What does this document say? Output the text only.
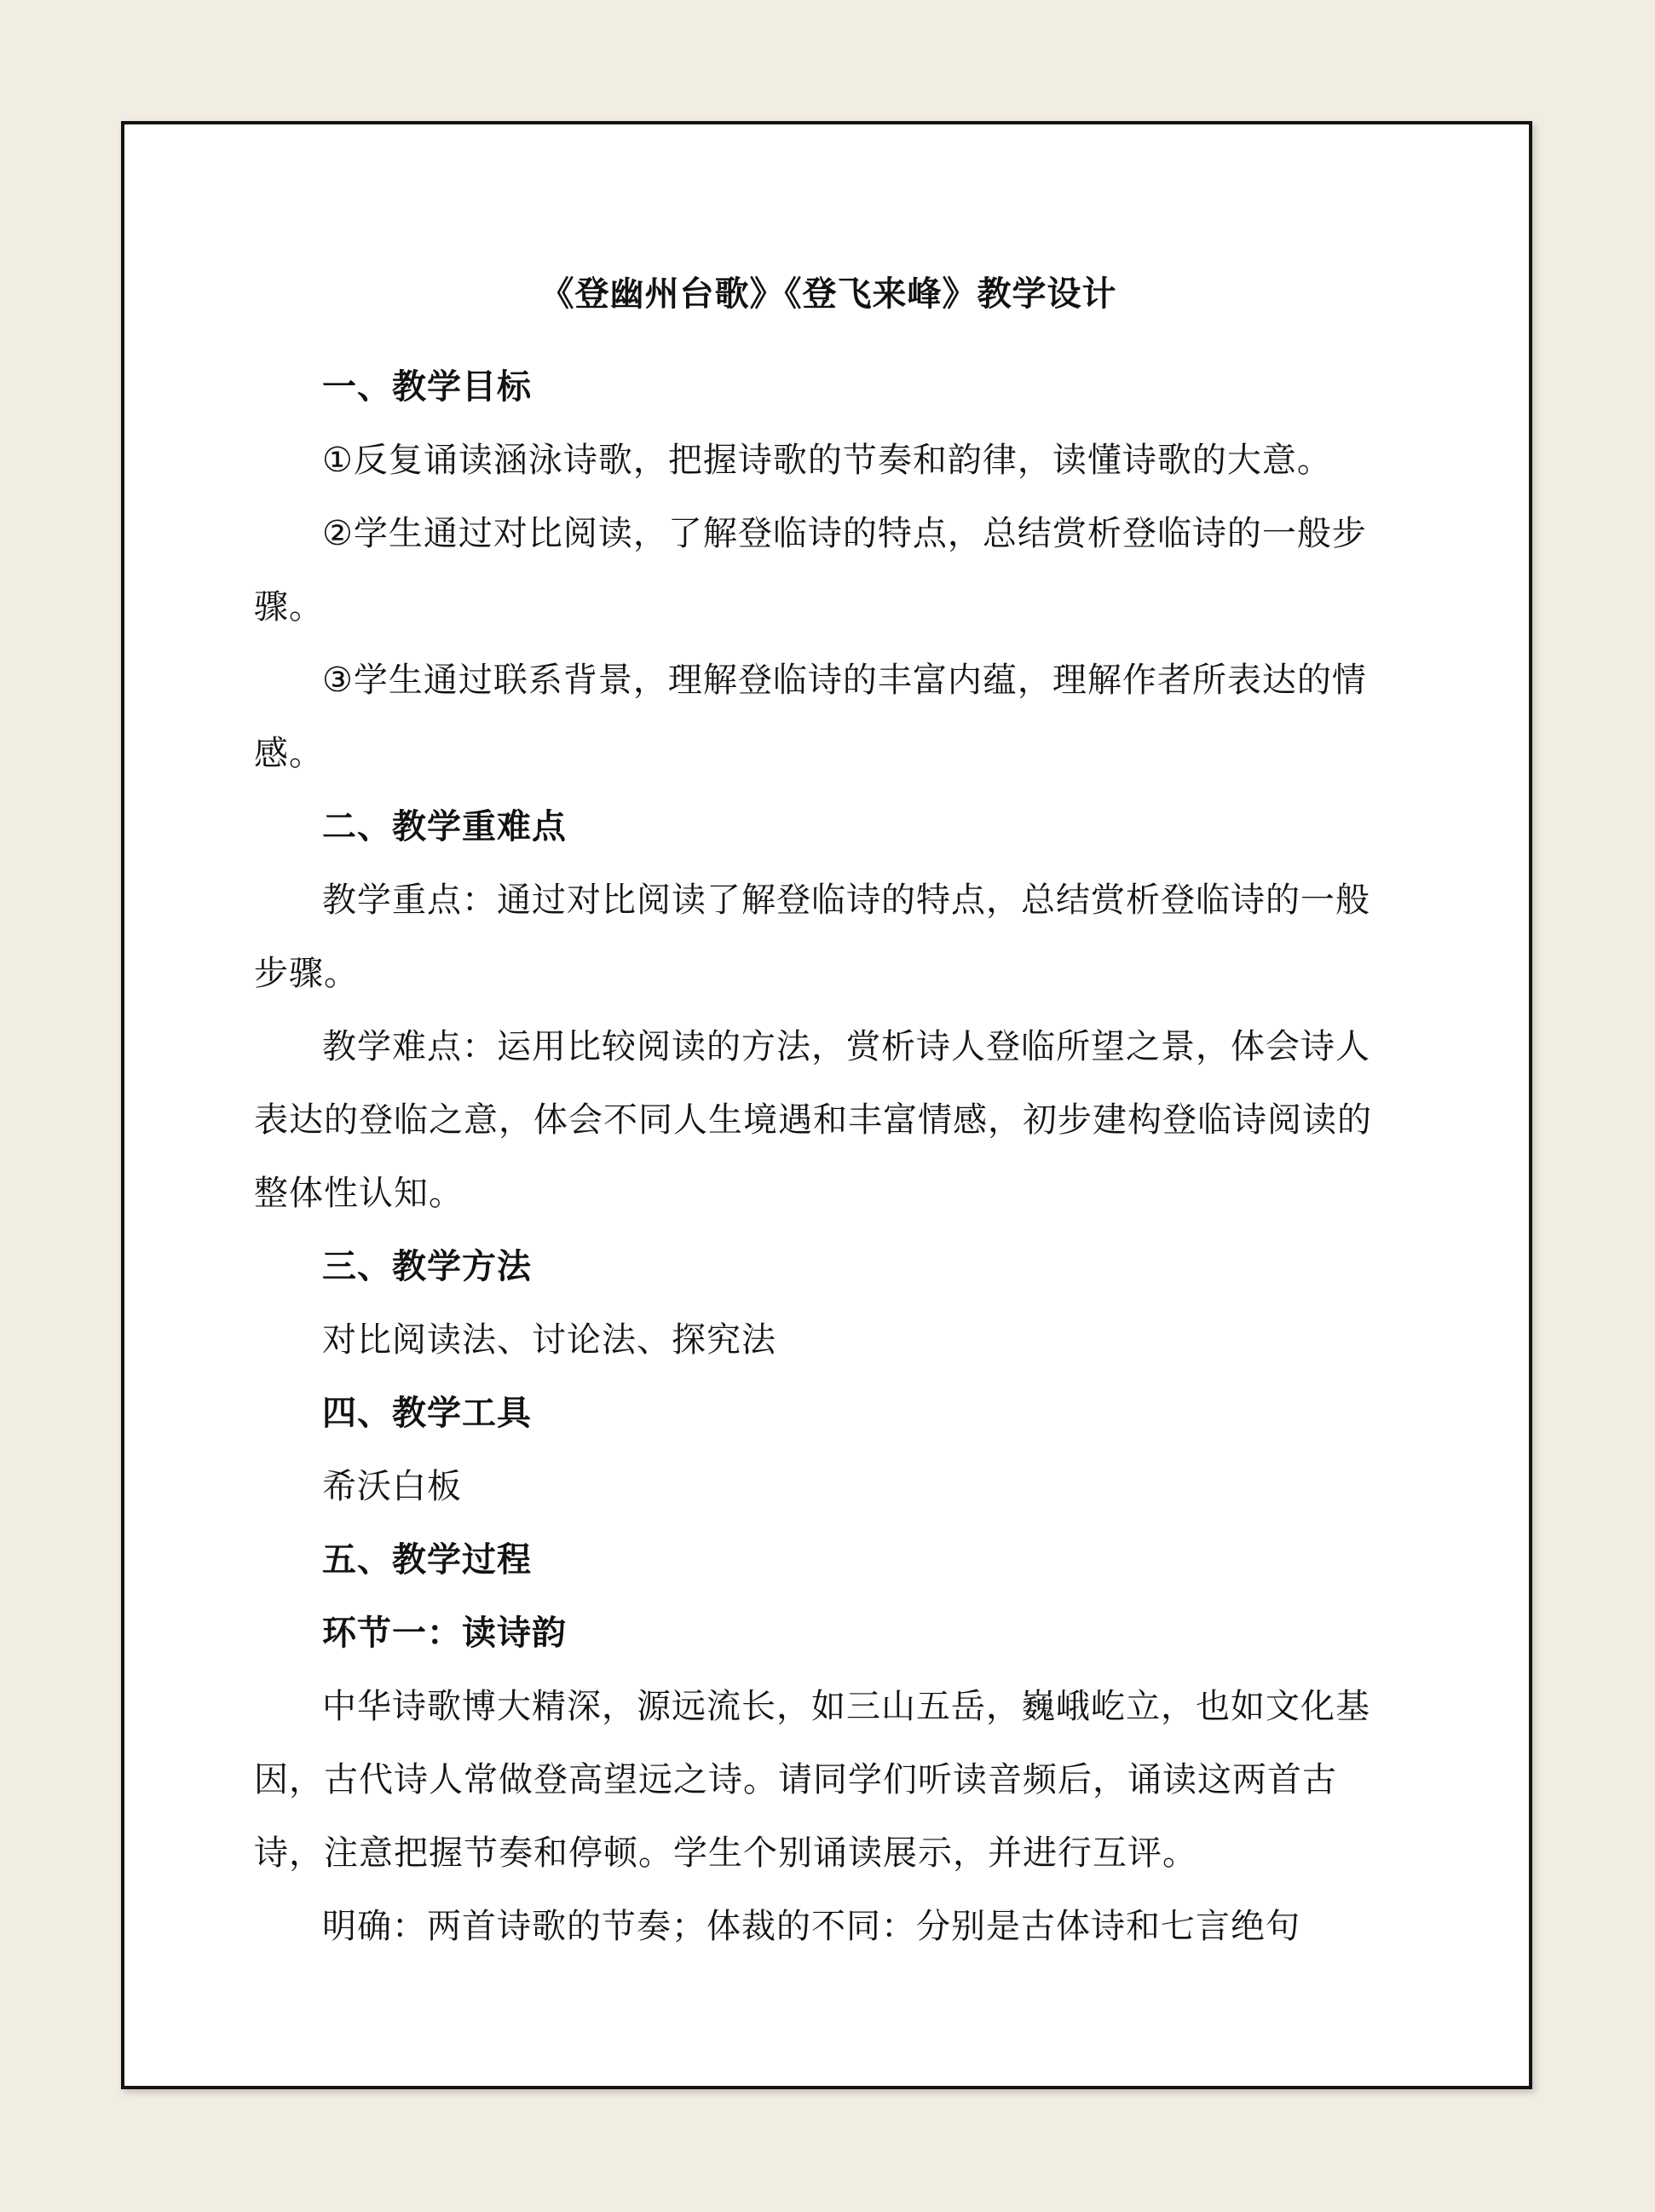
《登幽州台歌》《登飞来峰》教学设计

一、教学目标

①反复诵读涵泳诗歌，把握诗歌的节奏和韵律，读懂诗歌的大意。

②学生通过对比阅读，了解登临诗的特点，总结赏析登临诗的一般步骤。

③学生通过联系背景，理解登临诗的丰富内蕴，理解作者所表达的情感。

二、教学重难点

教学重点：通过对比阅读了解登临诗的特点，总结赏析登临诗的一般步骤。

教学难点：运用比较阅读的方法，赏析诗人登临所望之景，体会诗人表达的登临之意，体会不同人生境遇和丰富情感，初步建构登临诗阅读的整体性认知。

三、教学方法

对比阅读法、讨论法、探究法

四、教学工具

希沃白板

五、教学过程

环节一：读诗韵

中华诗歌博大精深，源远流长，如三山五岳，巍峨屹立，也如文化基因，古代诗人常做登高望远之诗。请同学们听读音频后，诵读这两首古诗，注意把握节奏和停顿。学生个别诵读展示，并进行互评。

明确：两首诗歌的节奏；体裁的不同：分别是古体诗和七言绝句
